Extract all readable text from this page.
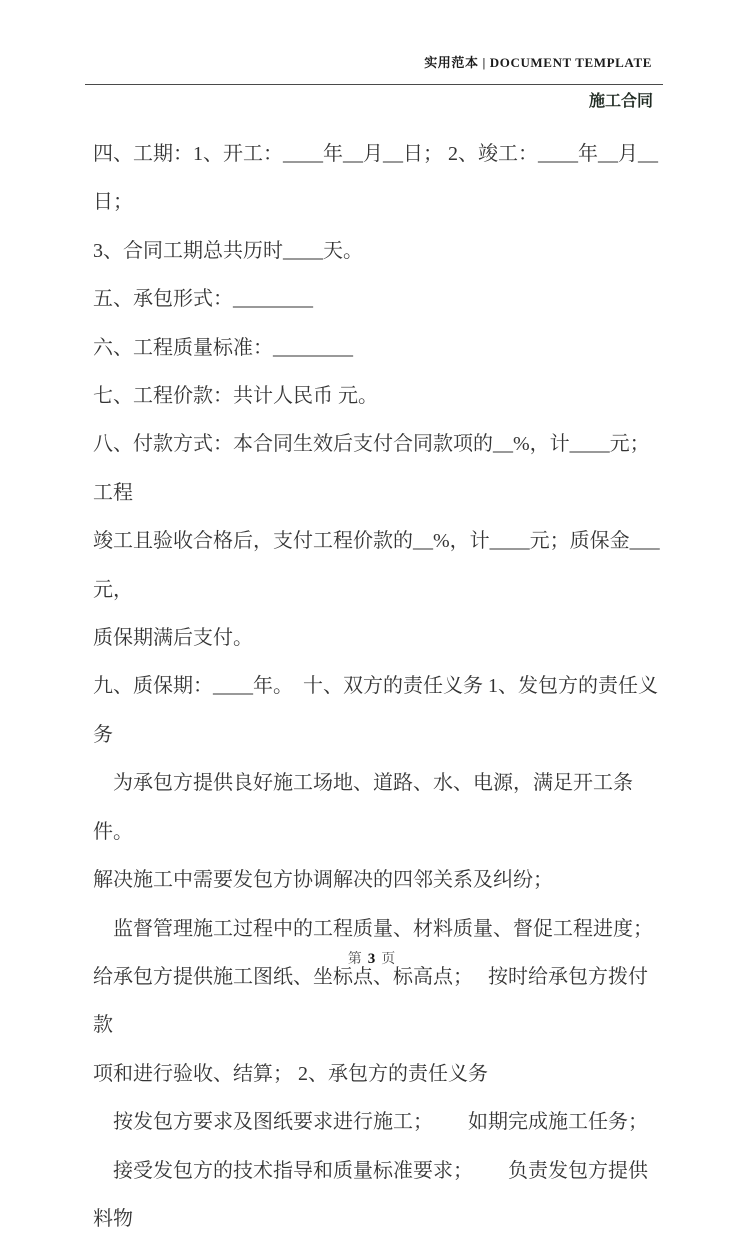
实用范本 | DOCUMENT TEMPLATE
施工合同
四、工期：1、开工：____年__月__日； 2、竣工：____年__月__日；
3、合同工期总共历时____天。
五、承包形式：________
六、工程质量标准：________
七、工程价款：共计人民币 元。
八、付款方式：本合同生效后支付合同款项的__%，计____元；工程
竣工且验收合格后，支付工程价款的__%，计____元；质保金___元，
质保期满后支付。
九、质保期：____年。　十、双方的责任义务 1、发包方的责任义务
　为承包方提供良好施工场地、道路、水、电源，满足开工条件。
解决施工中需要发包方协调解决的四邻关系及纠纷；
　监督管理施工过程中的工程质量、材料质量、督促工程进度；
给承包方提供施工图纸、坐标点、标高点；　 按时给承包方拨付款
项和进行验收、结算； 2、承包方的责任义务
　按发包方要求及图纸要求进行施工；　　 如期完成施工任务；
　接受发包方的技术指导和质量标准要求；　　 负责发包方提供料物
第 3 页
